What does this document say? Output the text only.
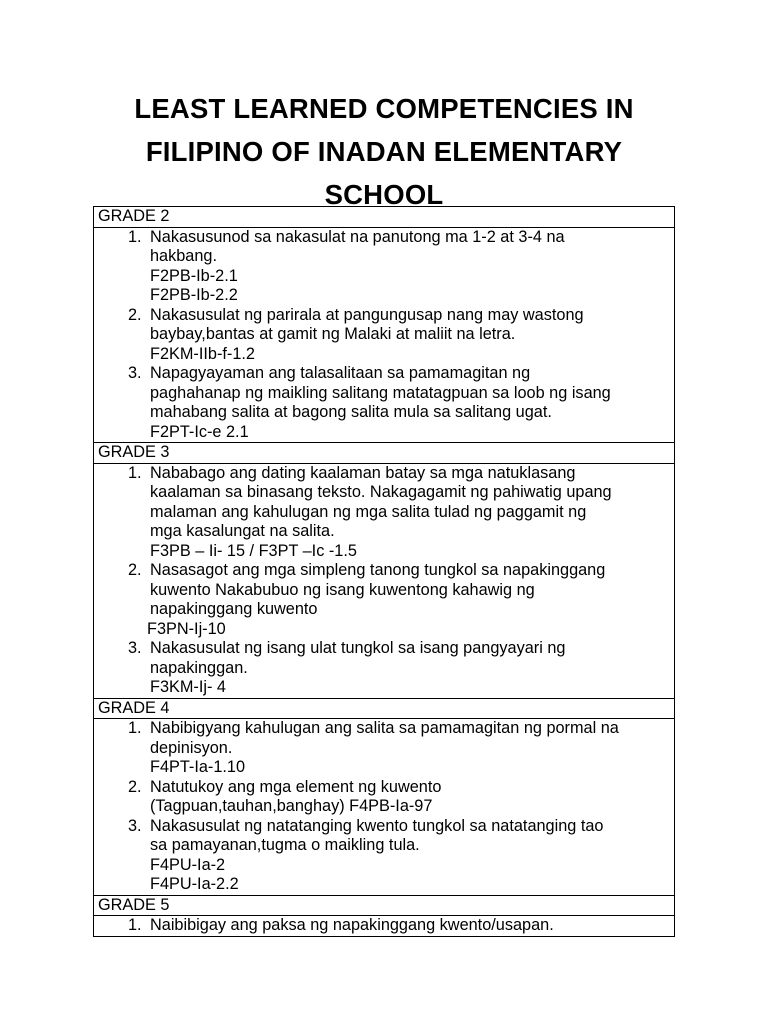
LEAST LEARNED COMPETENCIES IN
FILIPINO OF INADAN ELEMENTARY
SCHOOL
GRADE 2

1. Nakasusunod sa nakasulat na panutong ma 1-2 at 3-4 na
hakbang.
F2PB-Ib-2.1
F2PB-Ib-2.2
2. Nakasusulat ng parirala at pangungusap nang may wastong
baybay,bantas at gamit ng Malaki at maliit na letra.
F2KM-IIb-f-1.2
3. Napagyayaman ang talasalitaan sa pamamagitan ng
paghahanap ng maikling salitang matatagpuan sa loob ng isang
mahabang salita at bagong salita mula sa salitang ugat.
F2PT-Ic-e 2.1

GRADE 3

1. Nababago ang dating kaalaman batay sa mga natuklasang
kaalaman sa binasang teksto. Nakagagamit ng pahiwatig upang
malaman ang kahulugan ng mga salita tulad ng paggamit ng
mga kasalungat na salita.
F3PB – Ii- 15 / F3PT –Ic -1.5
2. Nasasagot ang mga simpleng tanong tungkol sa napakinggang
kuwento Nakabubuo ng isang kuwentong kahawig ng
napakinggang kuwento
F3PN-Ij-10
3. Nakasusulat ng isang ulat tungkol sa isang pangyayari ng
napakinggan.
F3KM-Ij- 4

GRADE 4

1. Nabibigyang kahulugan ang salita sa pamamagitan ng pormal na
depinisyon.
F4PT-Ia-1.10
2. Natutukoy ang mga element ng kuwento
(Tagpuan,tauhan,banghay) F4PB-Ia-97
3. Nakasusulat ng natatanging kwento tungkol sa natatanging tao
sa pamayanan,tugma o maikling tula.
F4PU-Ia-2
F4PU-Ia-2.2

GRADE 5

1. Naibibigay ang paksa ng napakinggang kwento/usapan.
